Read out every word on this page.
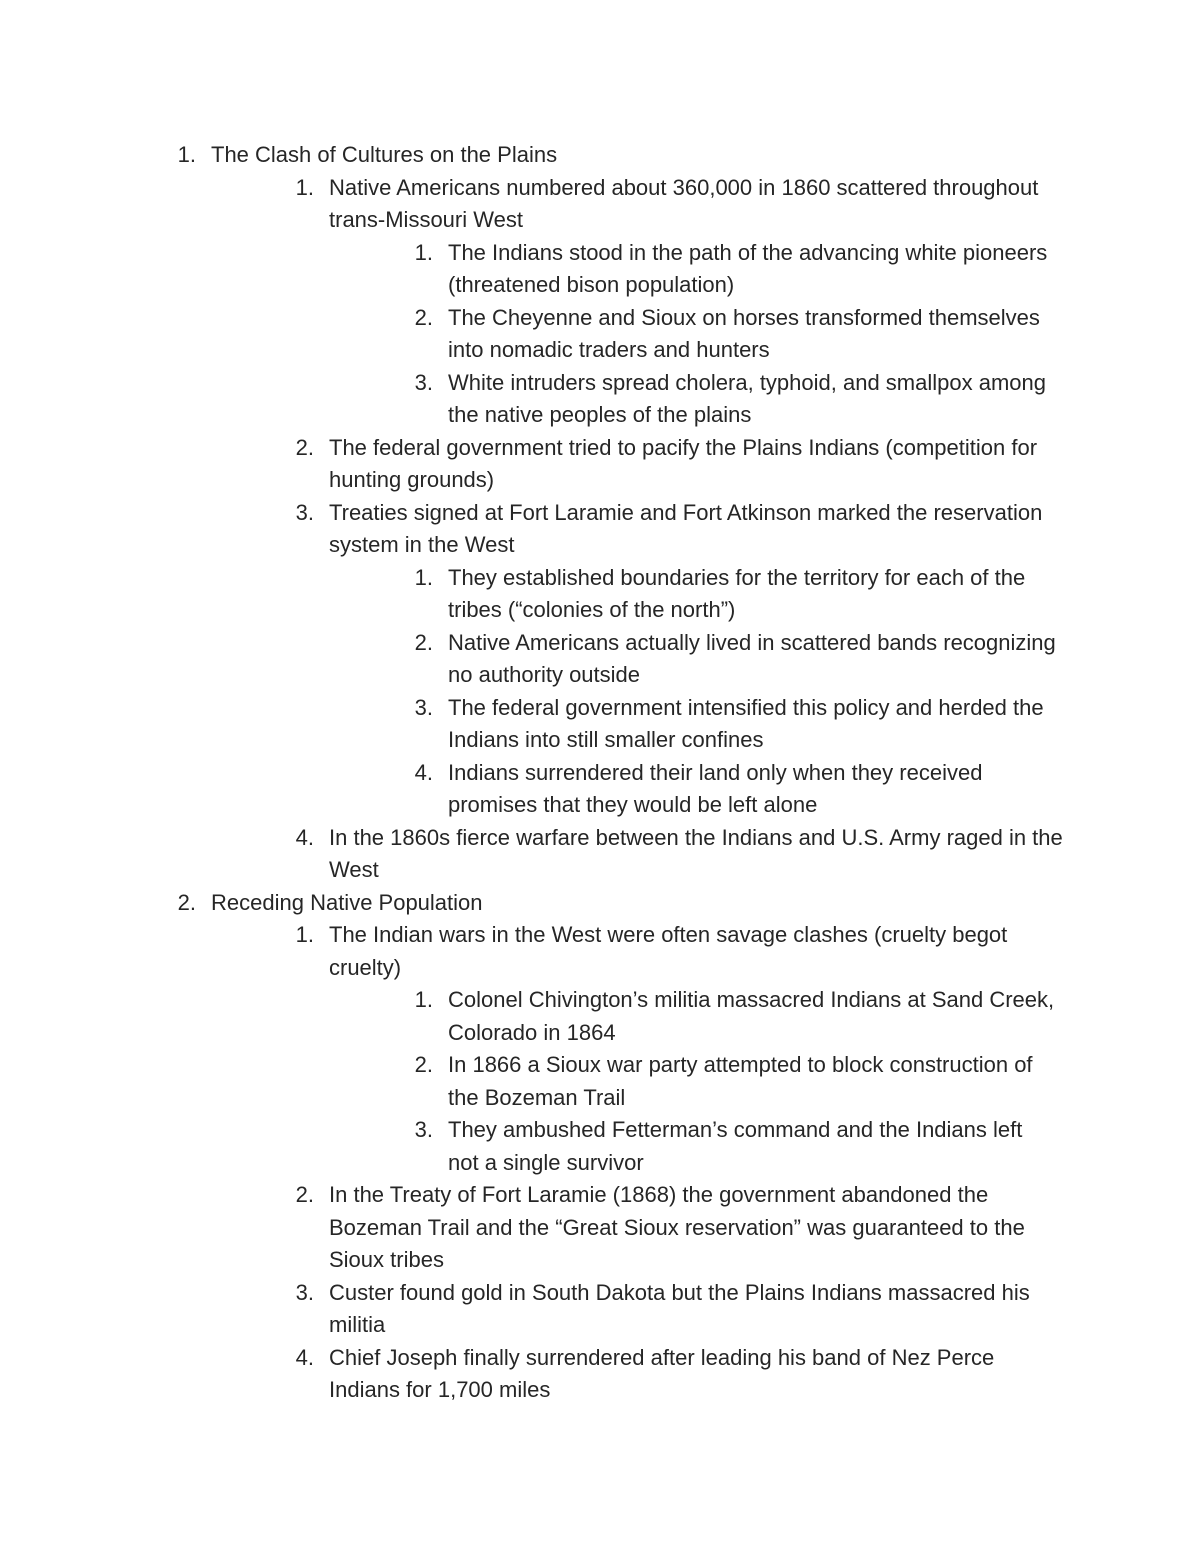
1. The Clash of Cultures on the Plains
1. Native Americans numbered about 360,000 in 1860 scattered throughout trans-Missouri West
1. The Indians stood in the path of the advancing white pioneers (threatened bison population)
2. The Cheyenne and Sioux on horses transformed themselves into nomadic traders and hunters
3. White intruders spread cholera, typhoid, and smallpox among the native peoples of the plains
2. The federal government tried to pacify the Plains Indians (competition for hunting grounds)
3. Treaties signed at Fort Laramie and Fort Atkinson marked the reservation system in the West
1. They established boundaries for the territory for each of the tribes (“colonies of the north”)
2. Native Americans actually lived in scattered bands recognizing no authority outside
3. The federal government intensified this policy and herded the Indians into still smaller confines
4. Indians surrendered their land only when they received promises that they would be left alone
4. In the 1860s fierce warfare between the Indians and U.S. Army raged in the West
2. Receding Native Population
1. The Indian wars in the West were often savage clashes (cruelty begot cruelty)
1. Colonel Chivington’s militia massacred Indians at Sand Creek, Colorado in 1864
2. In 1866 a Sioux war party attempted to block construction of the Bozeman Trail
3. They ambushed Fetterman’s command and the Indians left not a single survivor
2. In the Treaty of Fort Laramie (1868) the government abandoned the Bozeman Trail and the “Great Sioux reservation” was guaranteed to the Sioux tribes
3. Custer found gold in South Dakota but the Plains Indians massacred his militia
4. Chief Joseph finally surrendered after leading his band of Nez Perce Indians for 1,700 miles
